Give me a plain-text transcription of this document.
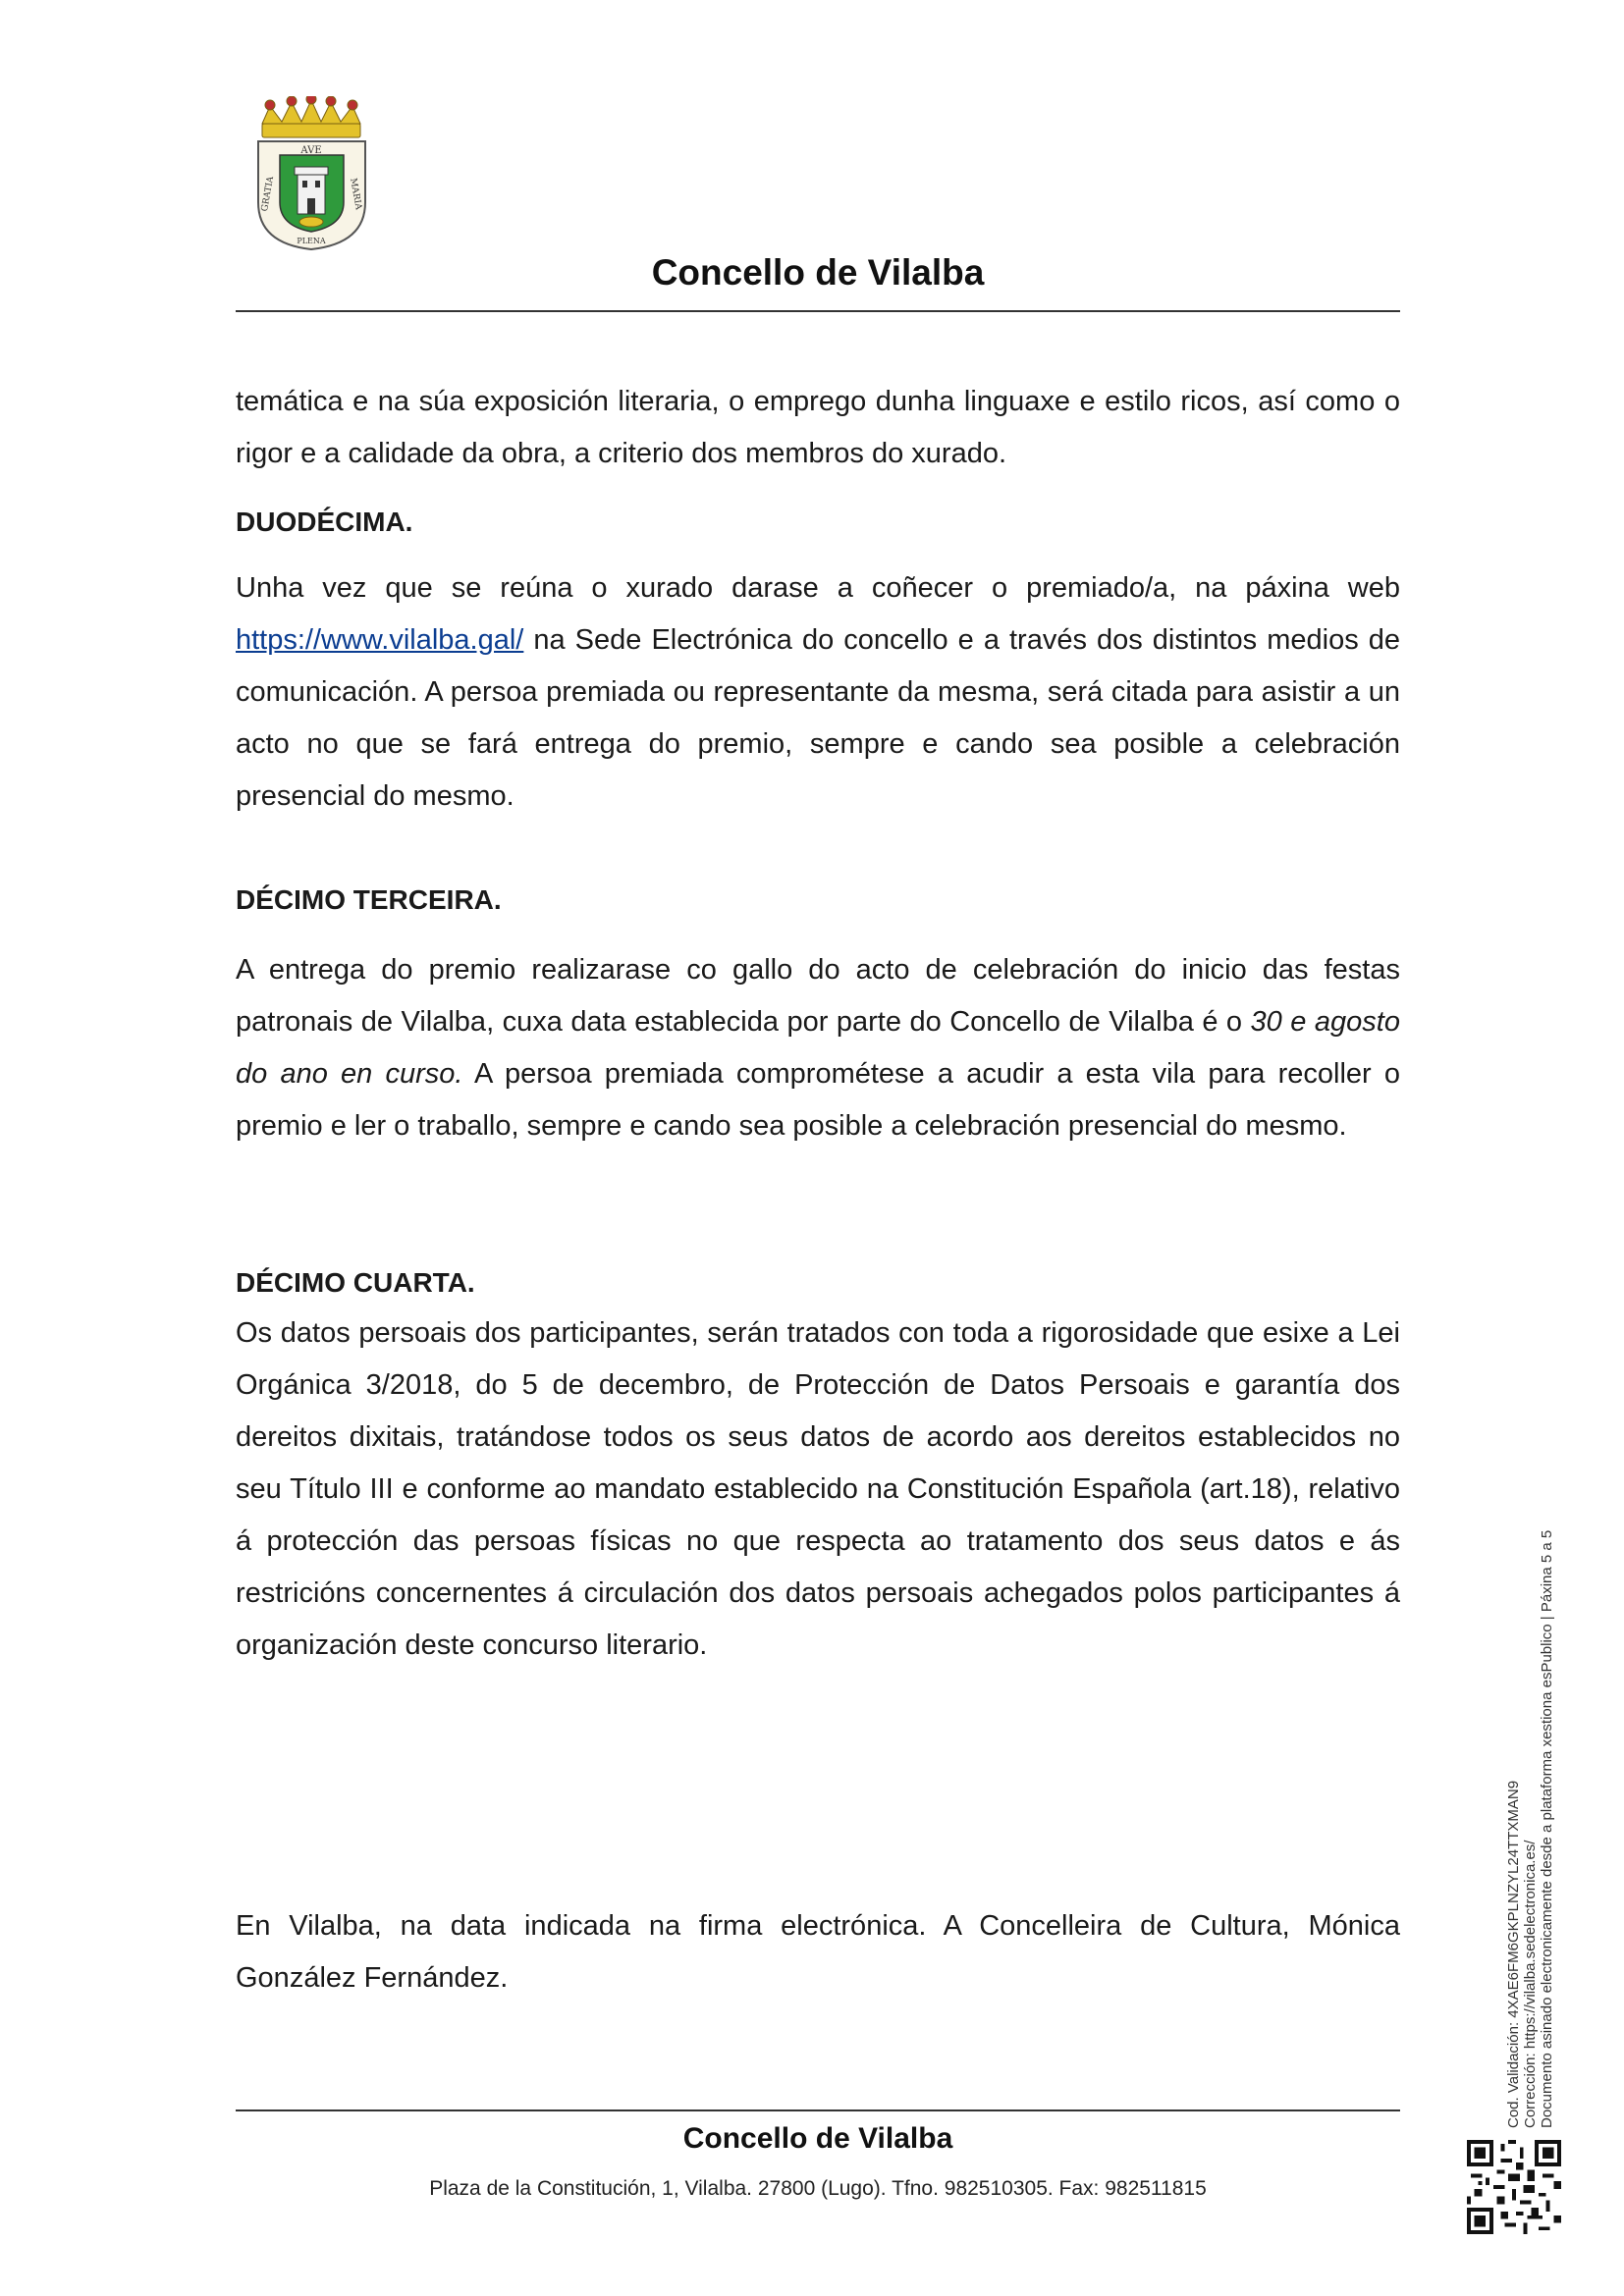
AVE
GRATIA	MARIA
PLENA
Concello de Vilalba

temática e na súa exposición literaria, o emprego dunha linguaxe e estilo ricos, así como o rigor e a calidade da obra, a criterio dos membros do xurado.

DUODÉCIMA.

Unha vez que se reúna o xurado darase a coñecer o premiado/a, na páxina web https://www.vilalba.gal/ na Sede Electrónica do concello e a través dos distintos medios de comunicación. A persoa premiada ou representante da mesma, será citada para asistir a un acto no que se fará entrega do premio, sempre e cando sea posible a celebración presencial do mesmo.

DÉCIMO TERCEIRA.

A entrega do premio realizarase co gallo do acto de celebración do inicio das festas patronais de Vilalba, cuxa data establecida por parte do Concello de Vilalba é o 30 e agosto do ano en curso. A persoa premiada comprométese a acudir a esta vila para recoller o premio e ler o traballo, sempre e cando sea posible a celebración presencial do mesmo.

DÉCIMO CUARTA.

Os datos persoais dos participantes, serán tratados con toda a rigorosidade que esixe a Lei Orgánica 3/2018, do 5 de decembro, de Protección de Datos Persoais e garantía dos dereitos dixitais, tratándose todos os seus datos de acordo aos dereitos establecidos no seu Título III e conforme ao mandato establecido na Constitución Española (art.18), relativo á protección das persoas físicas no que respecta ao tratamento dos seus datos e ás restricións concernentes á circulación dos datos persoais achegados polos participantes á organización deste concurso literario.

En Vilalba, na data indicada na firma electrónica. A Concelleira de Cultura, Mónica González Fernández.

Concello de Vilalba
Plaza de la Constitución, 1, Vilalba. 27800 (Lugo). Tfno. 982510305. Fax: 982511815
Cod. Validación: 4XAE6FM6GKPLNZYL24TTXMAN9 Corrección: https://vilalba.sedelectronica.es/ Documento asinado electronicamente desde a plataforma xestiona esPublico | Páxina 5 a 5
